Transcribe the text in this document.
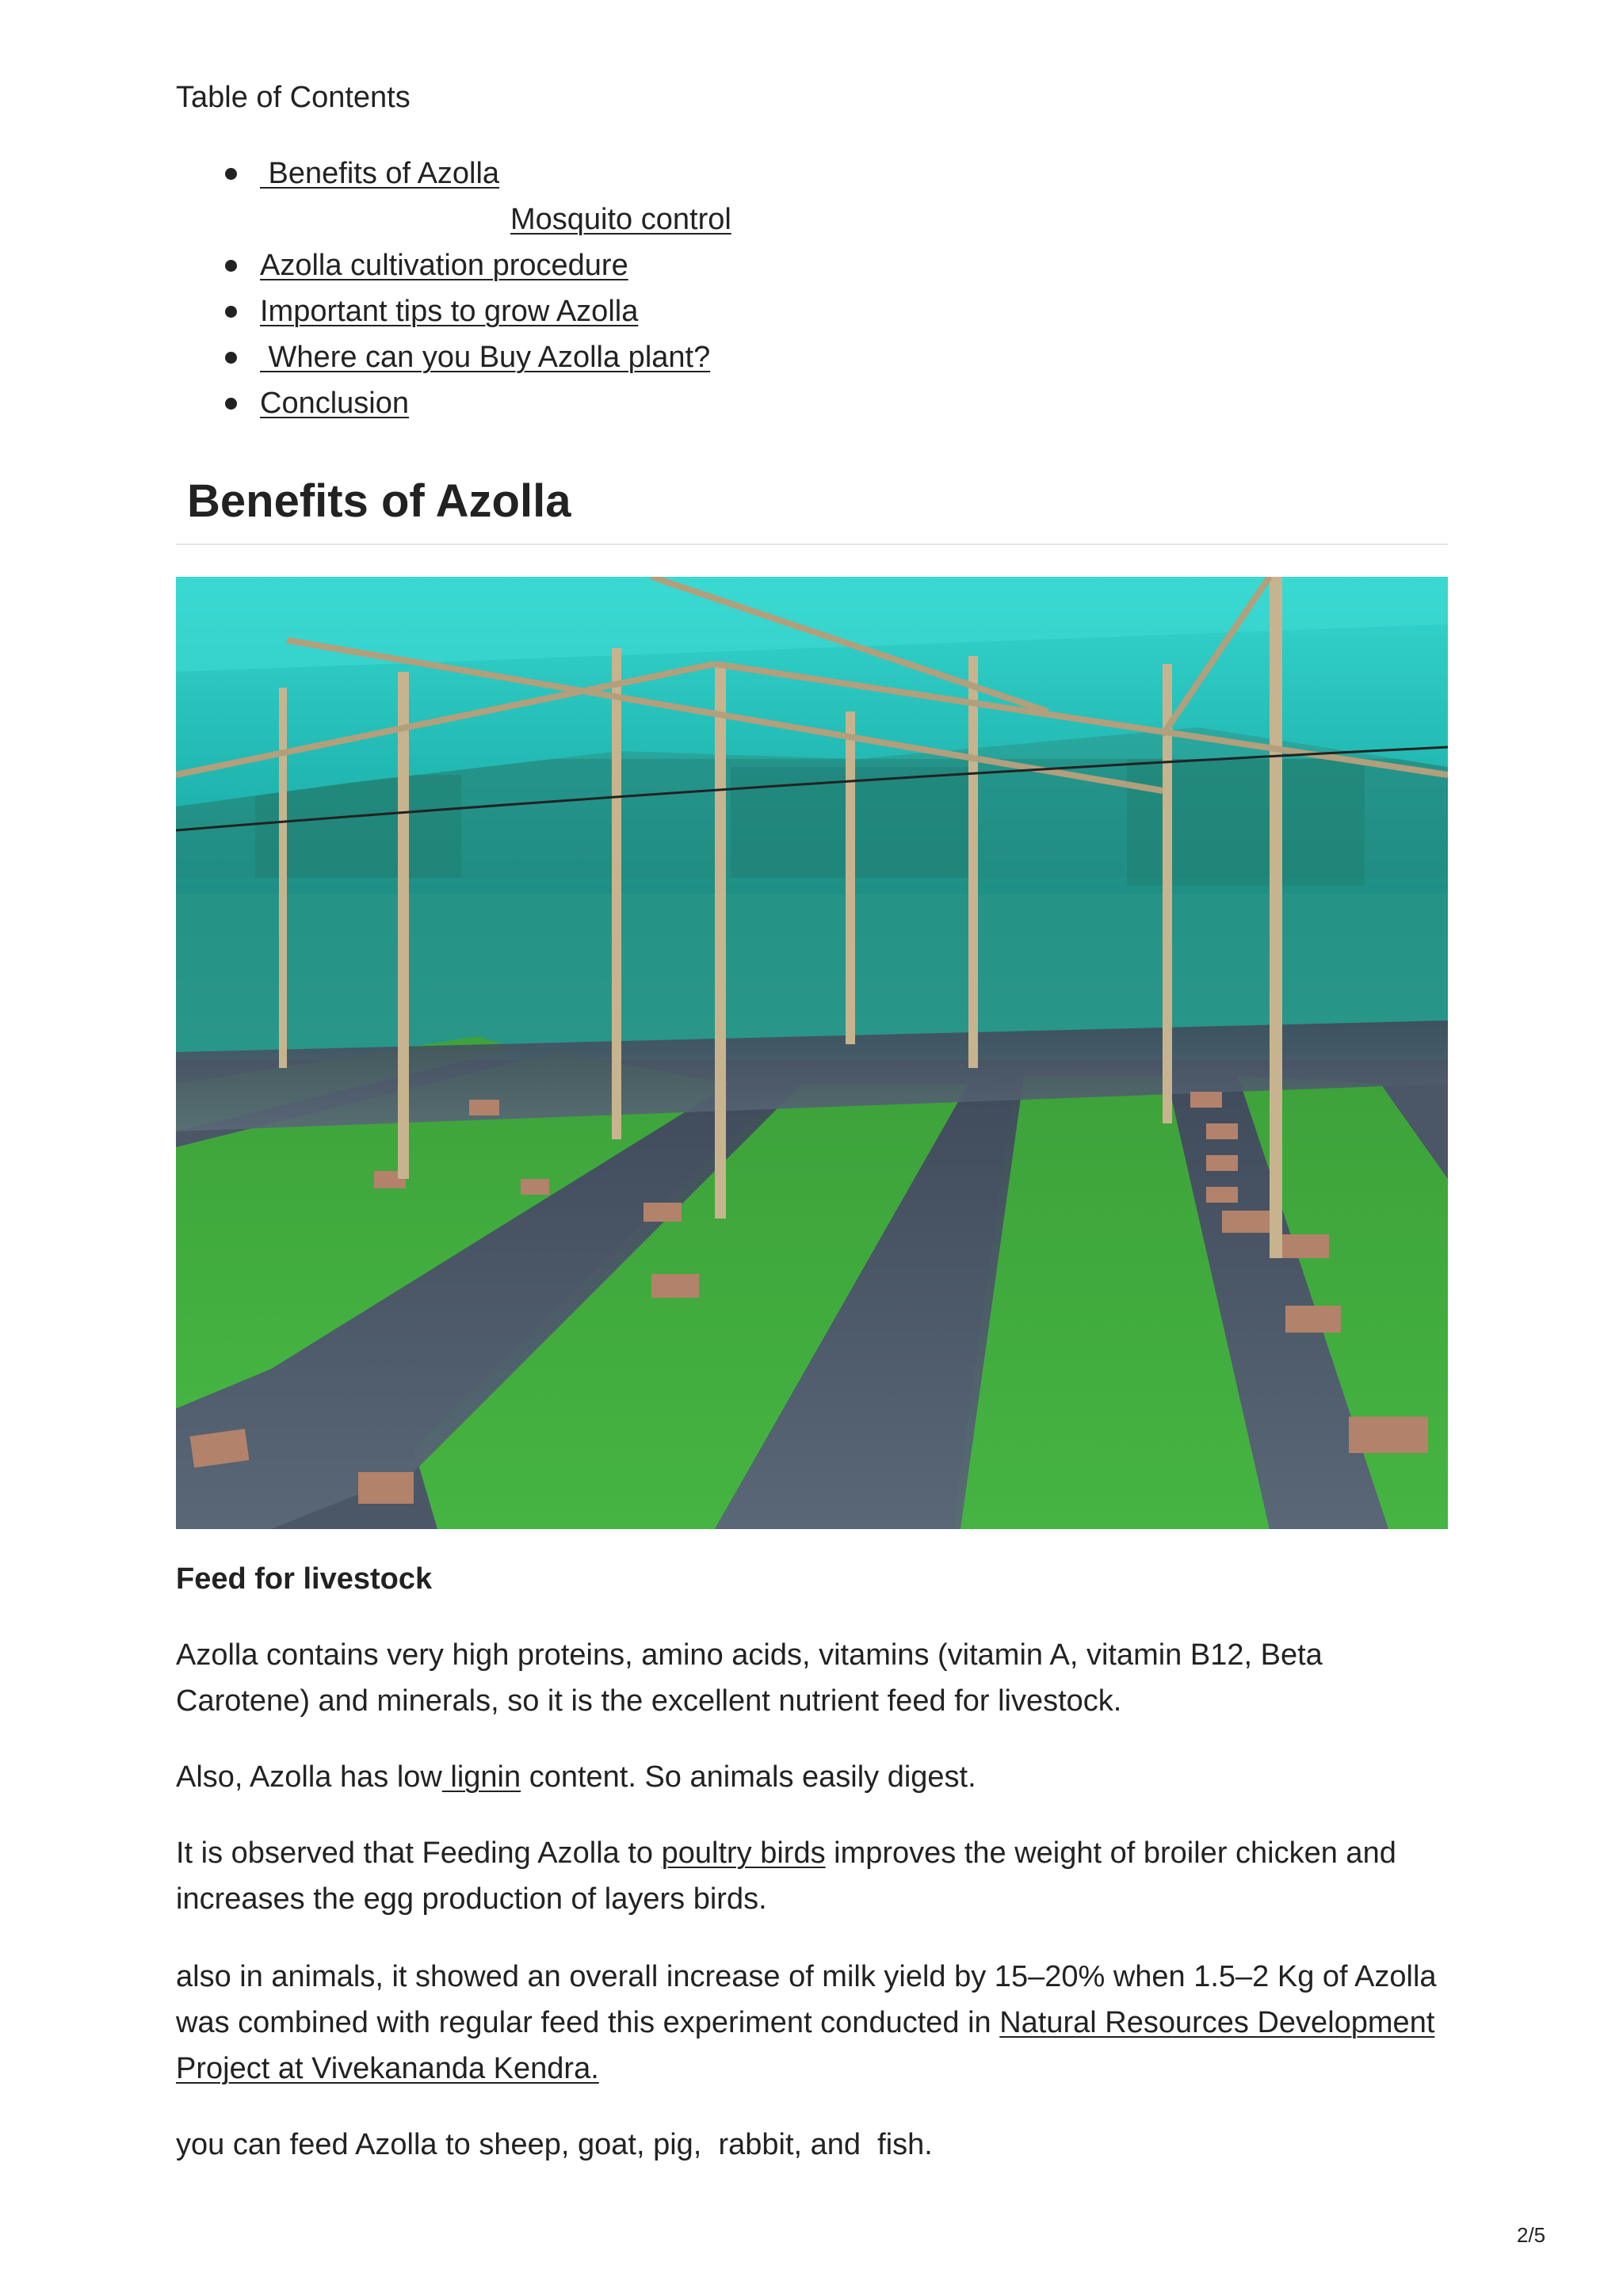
Table of Contents
Benefits of Azolla
Mosquito control
Azolla cultivation procedure
Important tips to grow Azolla
Where can you Buy Azolla plant?
Conclusion
Benefits of Azolla
Feed for livestock

Azolla contains very high proteins, amino acids, vitamins (vitamin A, vitamin B12, Beta Carotene) and minerals, so it is the excellent nutrient feed for livestock.

Also, Azolla has low lignin content. So animals easily digest.

It is observed that Feeding Azolla to poultry birds improves the weight of broiler chicken and increases the egg production of layers birds.

also in animals, it showed an overall increase of milk yield by 15–20% when 1.5–2 Kg of Azolla was combined with regular feed this experiment conducted in Natural Resources Development Project at Vivekananda Kendra.

you can feed Azolla to sheep, goat, pig,  rabbit, and  fish.

2/5
